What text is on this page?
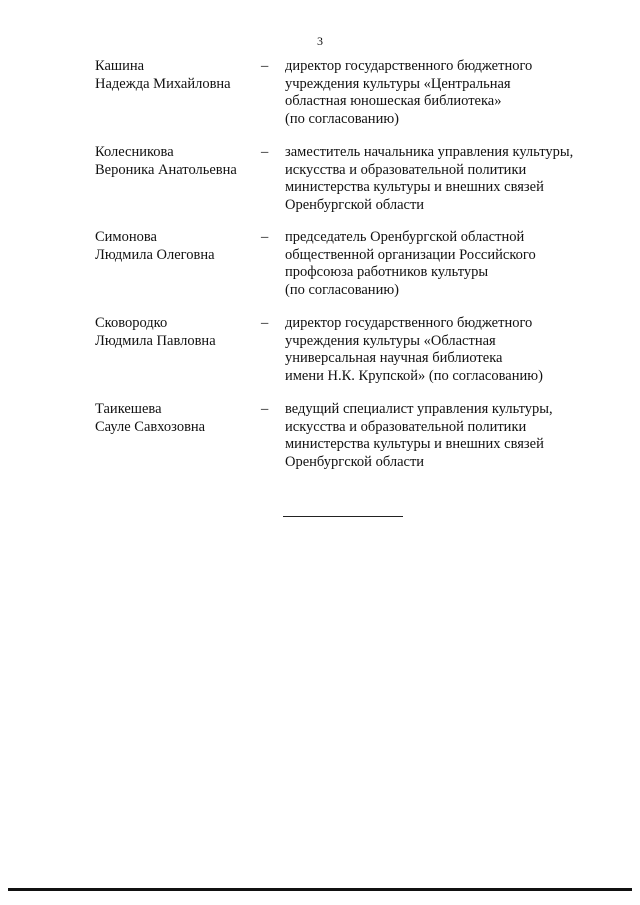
3
Кашина
Надежда Михайловна
– директор государственного бюджетного
учреждения культуры «Центральная
областная юношеская библиотека»
(по согласованию)
Колесникова
Вероника Анатольевна
– заместитель начальника управления культуры,
искусства и образовательной политики
министерства культуры и внешних связей
Оренбургской области
Симонова
Людмила Олеговна
– председатель Оренбургской областной
общественной организации Российского
профсоюза работников культуры
(по согласованию)
Сковородко
Людмила Павловна
– директор государственного бюджетного
учреждения культуры «Областная
универсальная научная библиотека
имени Н.К. Крупской» (по согласованию)
Таикешева
Сауле Савхозовна
– ведущий специалист управления культуры,
искусства и образовательной политики
министерства культуры и внешних связей
Оренбургской области
